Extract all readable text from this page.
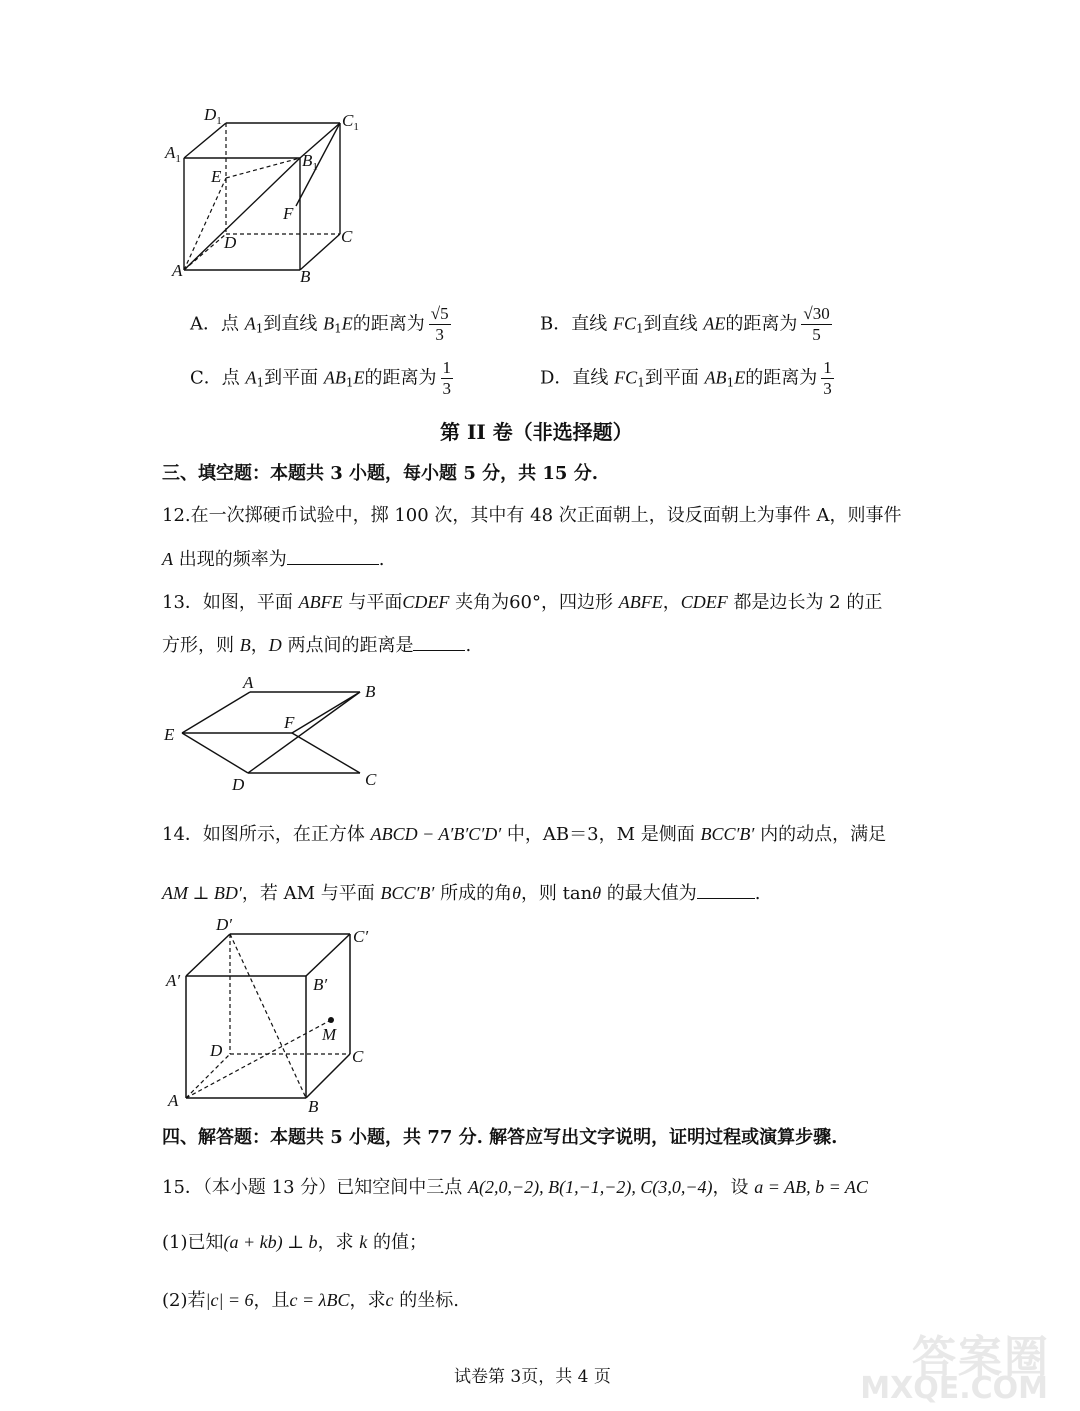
$D_1$	$C_1$
$A_1$	$B_1$
E
F
D	C
A	B
A．点 $A_1$到直线 $B_1E$的距离为 $\frac{√5}{3}$	B．直线 $FC_1$到直线 AE的距离为 $\frac{√30}{5}$
C．点 $A_1$到平面 $AB_1E$的距离为 $\frac{1}{3}$	D．直线 $FC_1$到平面 $AB_1E$的距离为 $\frac{1}{3}$
第 II 卷（非选择题）
三、填空题：本题共 3 小题，每小题 5 分，共 15 分.
12.在一次掷硬币试验中，掷 100 次，其中有 48 次正面朝上，设反面朝上为事件 A，则事件
A 出现的频率为	.
13．如图，平面 ABFE 与平面CDEF 夹角为60°，四边形 ABFE，CDEF 都是边长为 2 的正
方形，则 B，D 两点间的距离是	.
A	B
E
F
D	C
14．如图所示，在正方体 ABCD − A′B′C′D′ 中，AB＝3，M 是侧面 BCC′B′ 内的动点，满足
AM ⊥ BD′，若 AM 与平面 BCC′B′ 所成的角θ，则 tanθ 的最大值为	.
D′
C′
A′	B′
M
D	C
A	B
四、解答题：本题共 5 小题，共 77 分. 解答应写出文字说明，证明过程或演算步骤.
15．（本小题 13 分）已知空间中三点 A(2,0,−2), B(1,−1,−2), C(3,0,−4)，设 a = AB, b = AC
(1)已知(a + kb) ⊥ b，求 k 的值；
(2)若|c| = 6，且c = λBC，求c 的坐标.
试卷第 3页，共 4 页	答案圈
MXQE.COM
